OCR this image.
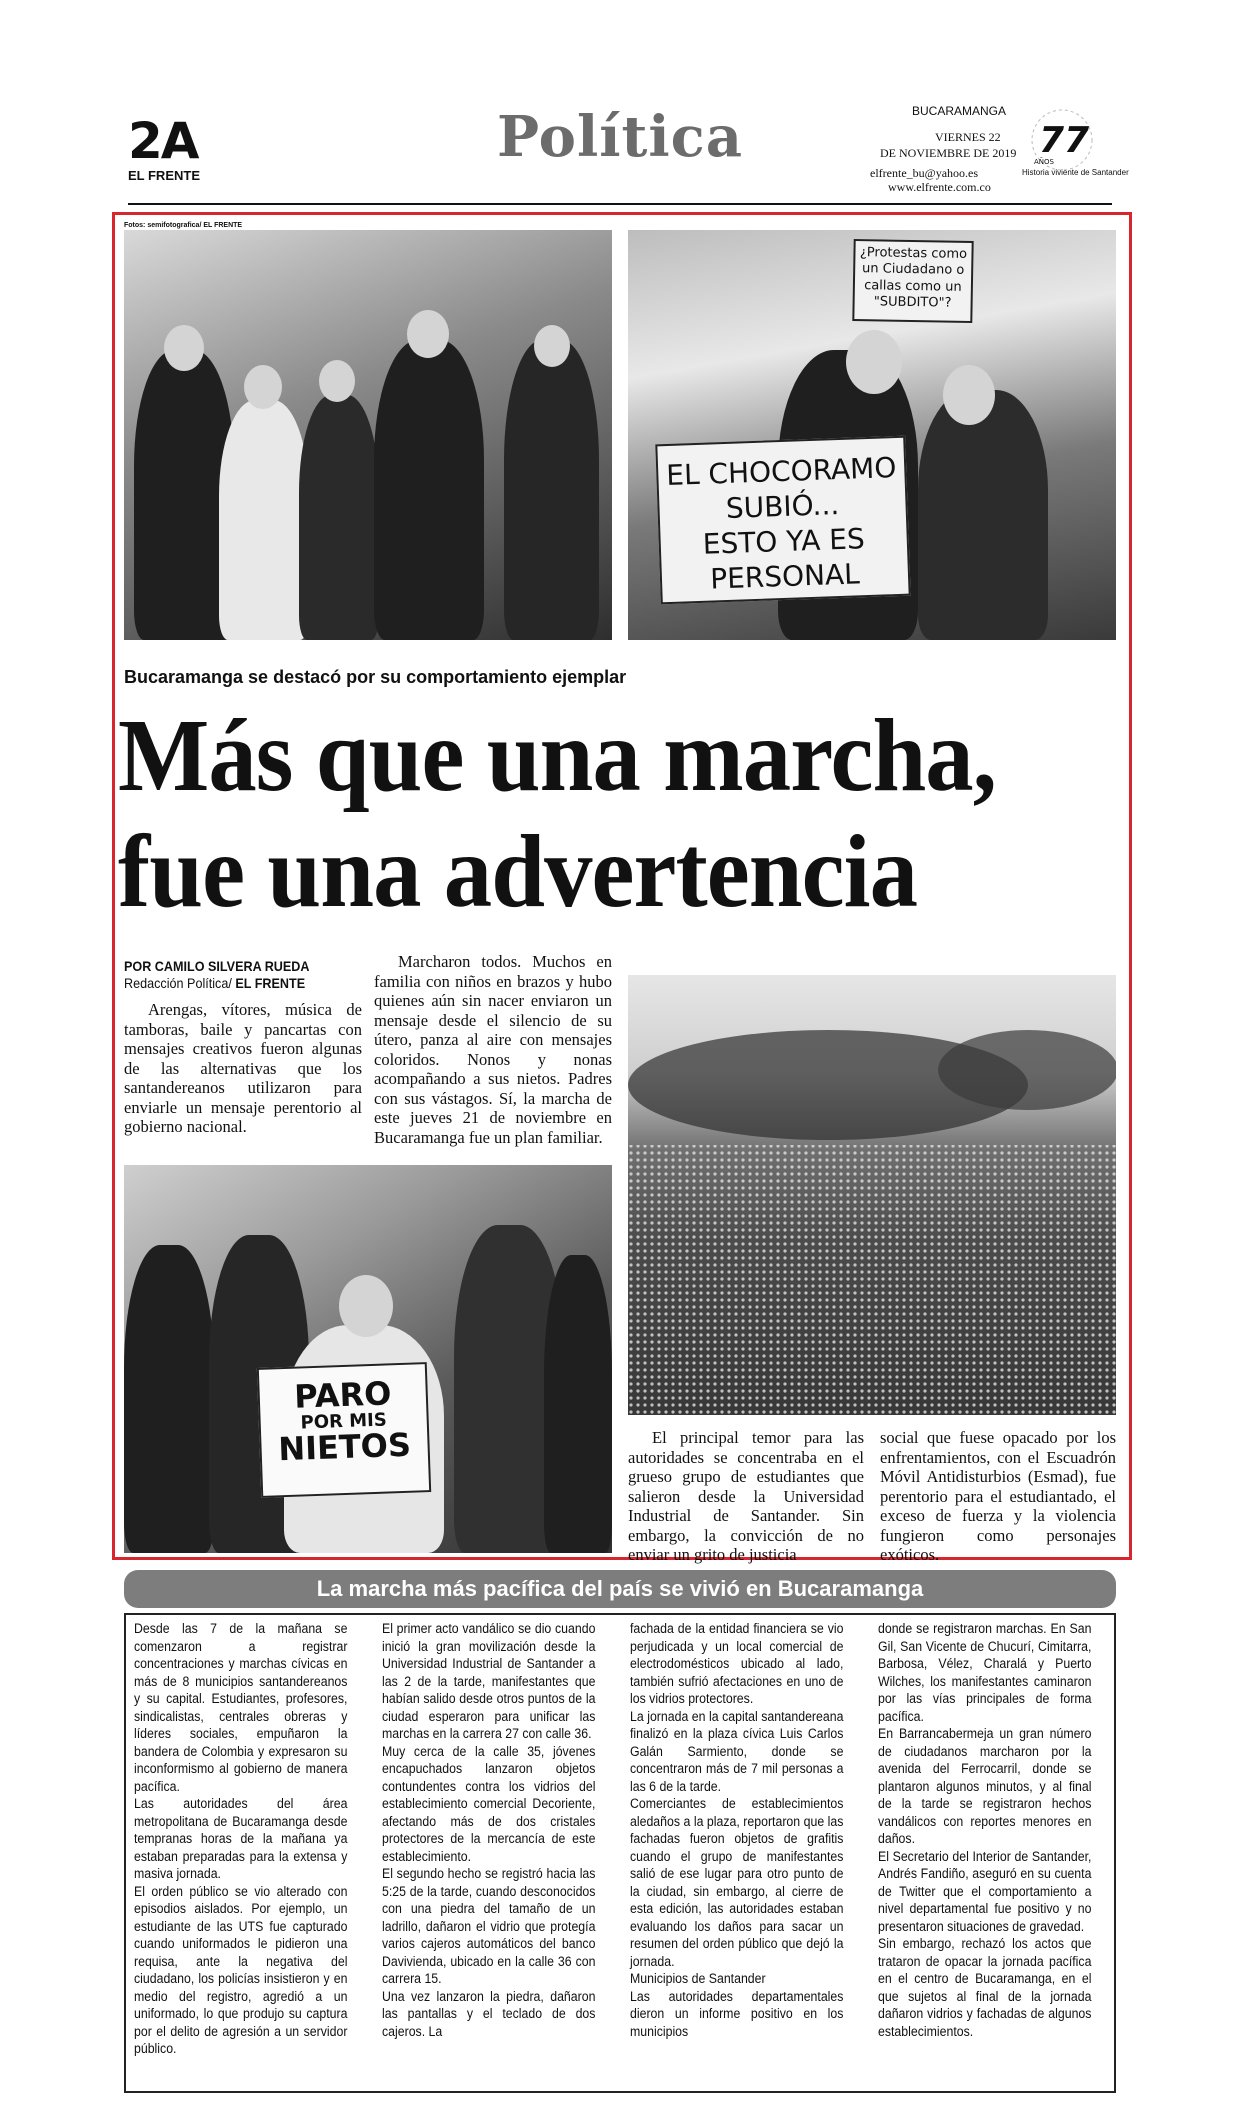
2A
EL FRENTE
Política	BUCARAMANGA
VIERNES 22
DE NOVIEMBRE DE 2019
elfrente_bu@yahoo.es
www.elfrente.com.co
77
AÑOS
Historia viviente de Santander
Fotos: semifotografica/ EL FRENTE
EL CHOCORAMO
SUBIÓ...
ESTO YA ES
PERSONAL
¿Protestas como
un Ciudadano o
callas como un
"SUBDITO"?
Bucaramanga se destacó por su comportamiento ejemplar
Más que una marcha,
fue una advertencia
POR CAMILO SILVERA RUEDA
Redacción Política/ EL FRENTE
Arengas, vítores, música de tamboras, baile y pancartas con mensajes creativos fueron algunas de las alternativas que los santandereanos utilizaron para enviarle un mensaje perentorio al gobierno nacional.
Marcharon todos. Muchos en familia con niños en brazos y hubo quienes aún sin nacer enviaron un mensaje desde el silencio de su útero, panza al aire con mensajes coloridos. Nonos y nonas acompañando a sus nietos. Padres con sus vástagos. Sí, la marcha de este jueves 21 de noviembre en Bucaramanga fue un plan familiar.
PARO
POR MIS
NIETOS	El principal temor para las autoridades se concentraba en el grueso grupo de estudiantes que salieron desde la Universidad Industrial de Santander. Sin embargo, la convicción de no enviar un grito de justicia
social que fuese opacado por los enfrentamientos, con el Escuadrón Móvil Antidisturbios (Esmad), fue perentorio para el estudiantado, el exceso de fuerza y la violencia fungieron como personajes exóticos.
La marcha más pacífica del país se vivió en Bucaramanga

Desde las 7 de la mañana se comenzaron a registrar concentraciones y marchas cívicas en más de 8 municipios santandereanos y su capital. Estudiantes, profesores, sindicalistas, centrales obreras y líderes sociales, empuñaron la bandera de Colombia y expresaron su inconformismo al gobierno de manera pacífica.

Las autoridades del área metropolitana de Bucaramanga desde tempranas horas de la mañana ya estaban preparadas para la extensa y masiva jornada.

El orden público se vio alterado con episodios aislados. Por ejemplo, un estudiante de las UTS fue capturado cuando uniformados le pidieron una requisa, ante la negativa del ciudadano, los policías insistieron y en medio del registro, agredió a un uniformado, lo que produjo su captura por el delito de agresión a un servidor público.

El primer acto vandálico se dio cuando inició la gran movilización desde la Universidad Industrial de Santander a las 2 de la tarde, manifestantes que habían salido desde otros puntos de la ciudad esperaron para unificar las marchas en la carrera 27 con calle 36.

Muy cerca de la calle 35, jóvenes encapuchados lanzaron objetos contundentes contra los vidrios del establecimiento comercial Decoriente, afectando más de dos cristales protectores de la mercancía de este establecimiento.

El segundo hecho se registró hacia las 5:25 de la tarde, cuando desconocidos con una piedra del tamaño de un ladrillo, dañaron el vidrio que protegía varios cajeros automáticos del banco Davivienda, ubicado en la calle 36 con carrera 15.

Una vez lanzaron la piedra, dañaron las pantallas y el teclado de dos cajeros. La

fachada de la entidad financiera se vio perjudicada y un local comercial de electrodomésticos ubicado al lado, también sufrió afectaciones en uno de los vidrios protectores.

La jornada en la capital santandereana finalizó en la plaza cívica Luis Carlos Galán Sarmiento, donde se concentraron más de 7 mil personas a las 6 de la tarde.

Comerciantes de establecimientos aledaños a la plaza, reportaron que las fachadas fueron objetos de grafitis cuando el grupo de manifestantes salió de ese lugar para otro punto de la ciudad, sin embargo, al cierre de esta edición, las autoridades estaban evaluando los daños para sacar un resumen del orden público que dejó la jornada.

Municipios de Santander

Las autoridades departamentales dieron un informe positivo en los municipios

donde se registraron marchas. En San Gil, San Vicente de Chucurí, Cimitarra, Barbosa, Vélez, Charalá y Puerto Wilches, los manifestantes caminaron por las vías principales de forma pacífica.

En Barrancabermeja un gran número de ciudadanos marcharon por la avenida del Ferrocarril, donde se plantaron algunos minutos, y al final de la tarde se registraron hechos vandálicos con reportes menores en daños.

El Secretario del Interior de Santander, Andrés Fandiño, aseguró en su cuenta de Twitter que el comportamiento a nivel departamental fue positivo y no presentaron situaciones de gravedad.

Sin embargo, rechazó los actos que trataron de opacar la jornada pacífica en el centro de Bucaramanga, en el que sujetos al final de la jornada dañaron vidrios y fachadas de algunos establecimientos.
